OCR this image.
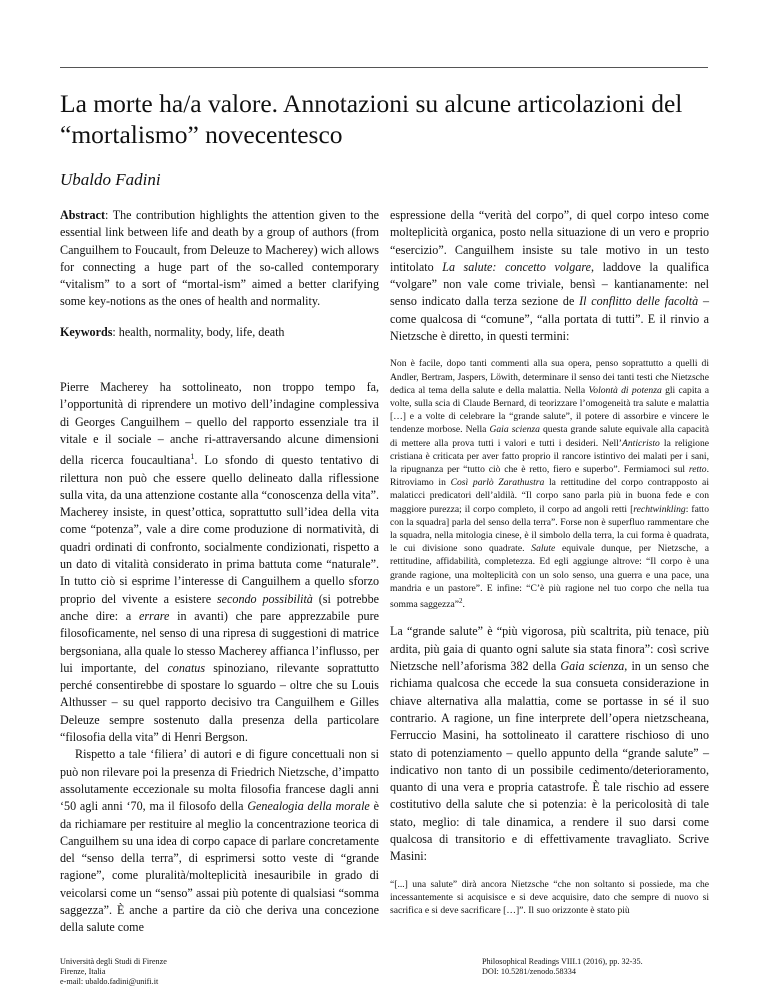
La morte ha/a valore. Annotazioni su alcune articolazioni del “mortalismo” novecentesco
Ubaldo Fadini

Abstract: The contribution highlights the attention given to the essential link between life and death by a group of authors (from Canguilhem to Foucault, from Deleuze to Macherey) wich allows for connecting a huge part of the so-called contemporary “vitalism” to a sort of “mortal-ism” aimed a better clarifying some key-notions as the ones of health and normality.

Keywords: health, normality, body, life, death

Pierre Macherey ha sottolineato, non troppo tempo fa, l’opportunità di riprendere un motivo dell’indagine complessiva di Georges Canguilhem – quello del rapporto essenziale tra il vitale e il sociale – anche ri-attraversando alcune dimensioni della ricerca foucaultiana$^1$. Lo sfondo di questo tentativo di rilettura non può che essere quello delineato dalla riflessione sulla vita, da una attenzione costante alla “conoscenza della vita”. Macherey insiste, in quest’ottica, soprattutto sull’idea della vita come “potenza”, vale a dire come produzione di normatività, di quadri ordinati di confronto, socialmente condizionati, rispetto a un dato di vitalità considerato in prima battuta come “naturale”. In tutto ciò si esprime l’interesse di Canguilhem a quello sforzo proprio del vivente a esistere secondo possibilità (si potrebbe anche dire: a errare in avanti) che pare apprezzabile pure filosoficamente, nel senso di una ripresa di suggestioni di matrice bergsoniana, alla quale lo stesso Macherey affianca l’influsso, per lui importante, del conatus spinoziano, rilevante soprattutto perché consentirebbe di spostare lo sguardo – oltre che su Louis Althusser – su quel rapporto decisivo tra Canguilhem e Gilles Deleuze sempre sostenuto dalla presenza della particolare “filosofia della vita” di Henri Bergson.

Rispetto a tale ‘filiera’ di autori e di figure concettuali non si può non rilevare poi la presenza di Friedrich Nietzsche, d’impatto assolutamente eccezionale su molta filosofia francese dagli anni ‘50 agli anni ‘70, ma il filosofo della Genealogia della morale è da richiamare per restituire al meglio la concentrazione teorica di Canguilhem su una idea di corpo capace di parlare concretamente del “senso della terra”, di esprimersi sotto veste di “grande ragione”, come pluralità/molteplicità inesauribile in grado di veicolarsi come un “senso” assai più potente di qualsiasi “somma saggezza”. È anche a partire da ciò che deriva una concezione della salute come

espressione della “verità del corpo”, di quel corpo inteso come molteplicità organica, posto nella situazione di un vero e proprio “esercizio”. Canguilhem insiste su tale motivo in un testo intitolato La salute: concetto volgare, laddove la qualifica “volgare” non vale come triviale, bensì – kantianamente: nel senso indicato dalla terza sezione de Il conflitto delle facoltà – come qualcosa di “comune”, “alla portata di tutti”. E il rinvio a Nietzsche è diretto, in questi termini:

Non è facile, dopo tanti commenti alla sua opera, penso soprattutto a quelli di Andler, Bertram, Jaspers, Löwith, determinare il senso dei tanti testi che Nietzsche dedica al tema della salute e della malattia. Nella Volontà di potenza gli capita a volte, sulla scia di Claude Bernard, di teorizzare l’omogeneità tra salute e malattia […] e a volte di celebrare la “grande salute”, il potere di assorbire e vincere le tendenze morbose. Nella Gaia scienza questa grande salute equivale alla capacità di mettere alla prova tutti i valori e tutti i desideri. Nell’Anticristo la religione cristiana è criticata per aver fatto proprio il rancore istintivo dei malati per i sani, la ripugnanza per “tutto ciò che è retto, fiero e superbo”. Fermiamoci sul retto. Ritroviamo in Così parlò Zarathustra la rettitudine del corpo contrapposto ai malaticci predicatori dell’aldilà. “Il corpo sano parla più in buona fede e con maggiore purezza; il corpo completo, il corpo ad angoli retti [rechtwinkling: fatto con la squadra] parla del senso della terra”. Forse non è superfluo rammentare che la squadra, nella mitologia cinese, è il simbolo della terra, la cui forma è quadrata, le cui divisione sono quadrate. Salute equivale dunque, per Nietzsche, a rettitudine, affidabilità, completezza. Ed egli aggiunge altrove: “Il corpo è una grande ragione, una molteplicità con un solo senso, una guerra e una pace, una mandria e un pastore”. E infine: “C’è più ragione nel tuo corpo che nella tua somma saggezza”$^2$.

La “grande salute” è “più vigorosa, più scaltrita, più tenace, più ardita, più gaia di quanto ogni salute sia stata finora”: così scrive Nietzsche nell’aforisma 382 della Gaia scienza, in un senso che richiama qualcosa che eccede la sua consueta considerazione in chiave alternativa alla malattia, come se portasse in sé il suo contrario. A ragione, un fine interprete dell’opera nietzscheana, Ferruccio Masini, ha sottolineato il carattere rischioso di uno stato di potenziamento – quello appunto della “grande salute” – indicativo non tanto di un possibile cedimento/deterioramento, quanto di una vera e propria catastrofe. È tale rischio ad essere costitutivo della salute che si potenzia: è la pericolosità di tale stato, meglio: di tale dinamica, a rendere il suo darsi come qualcosa di transitorio e di effettivamente travagliato. Scrive Masini:

“[...] una salute” dirà ancora Nietzsche “che non soltanto si possiede, ma che incessantemente si acquisisce e si deve acquisire, dato che sempre di nuovo si sacrifica e si deve sacrificare […]”. Il suo orizzonte è stato più

Università degli Studi di Firenze
Firenze, Italia
e-mail: ubaldo.fadini@unifi.it
Philosophical Readings VIII.1 (2016), pp. 32-35.
DOI: 10.5281/zenodo.58334
